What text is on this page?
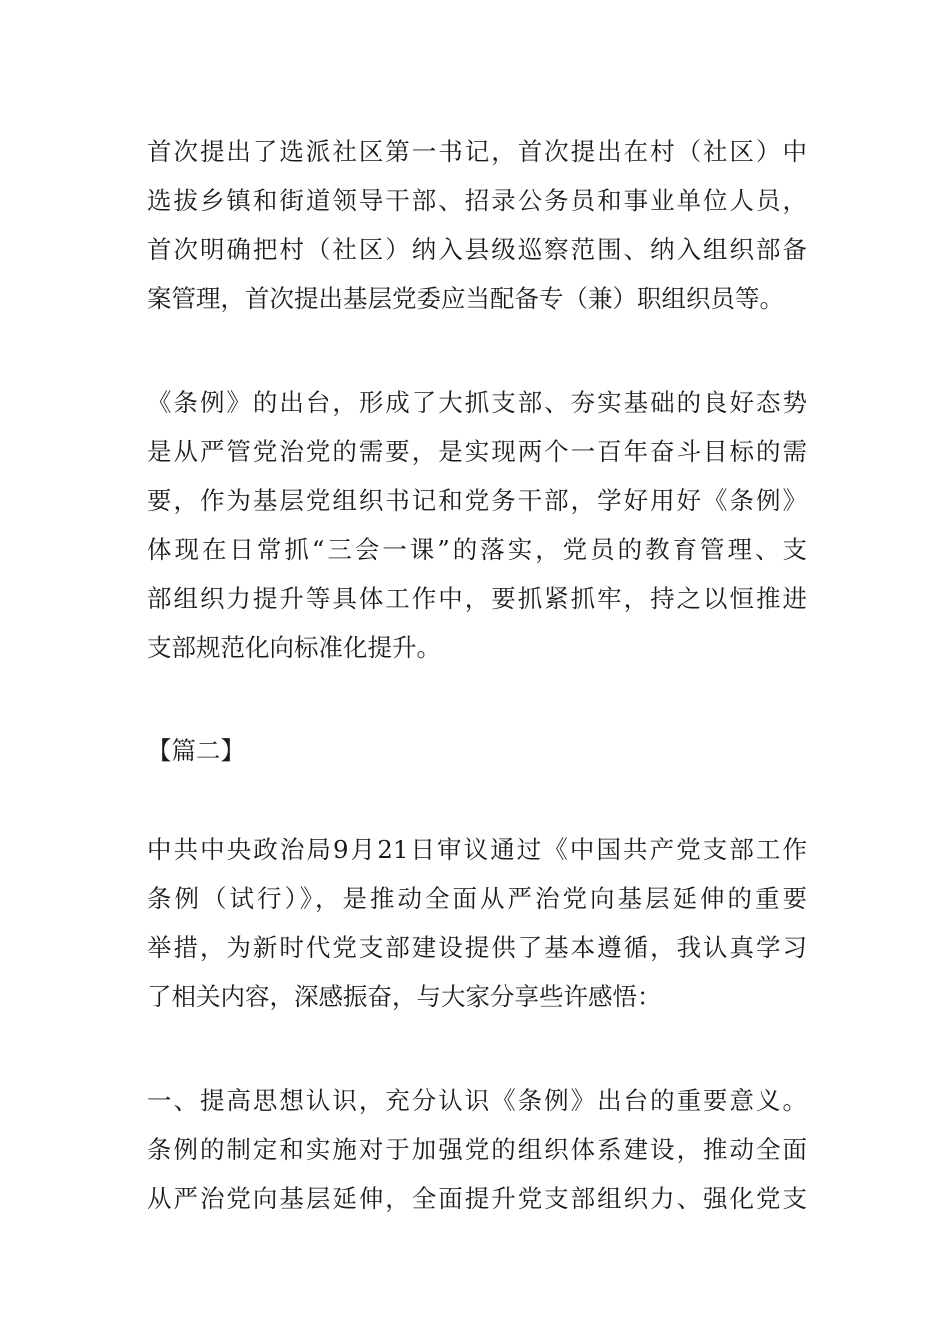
首次提出了选派社区第一书记，首次提出在村（社区）中
选拔乡镇和街道领导干部、招录公务员和事业单位人员，
首次明确把村（社区）纳入县级巡察范围、纳入组织部备
案管理，首次提出基层党委应当配备专（兼）职组织员等。
《条例》的出台，形成了大抓支部、夯实基础的良好态势
是从严管党治党的需要，是实现两个一百年奋斗目标的需
要，作为基层党组织书记和党务干部，学好用好《条例》
体现在日常抓“三会一课”的落实，党员的教育管理、支
部组织力提升等具体工作中，要抓紧抓牢，持之以恒推进
支部规范化向标准化提升。
【篇二】
中共中央政治局9月21日审议通过《中国共产党支部工作
条例（试行）》，是推动全面从严治党向基层延伸的重要
举措，为新时代党支部建设提供了基本遵循，我认真学习
了相关内容，深感振奋，与大家分享些许感悟：
一、提高思想认识，充分认识《条例》出台的重要意义。
条例的制定和实施对于加强党的组织体系建设，推动全面
从严治党向基层延伸，全面提升党支部组织力、强化党支
